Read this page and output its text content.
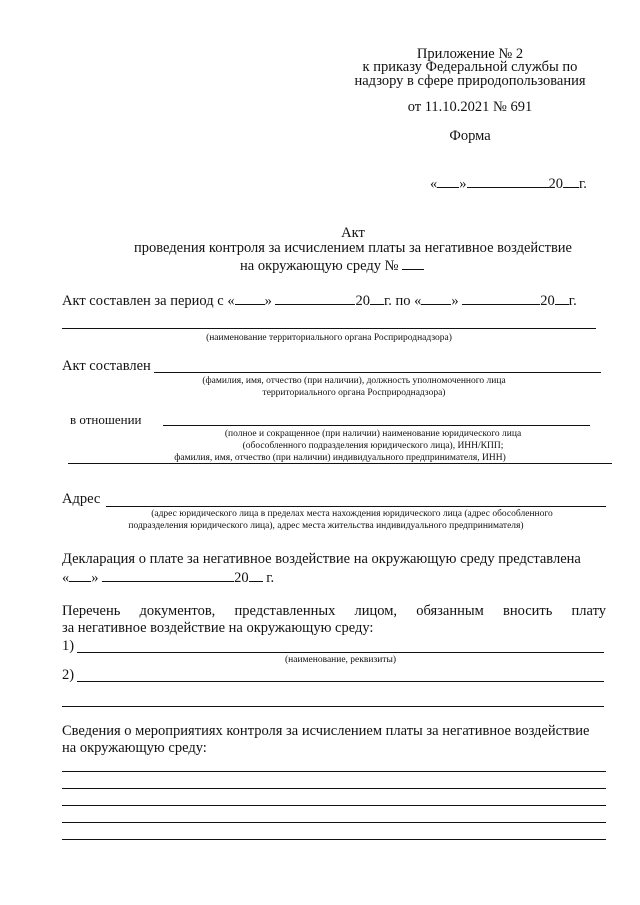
Приложение № 2
к приказу Федеральной службы по
надзору в сфере природопользования
от 11.10.2021 № 691
Форма
« »	20 г.
Акт
проведения контроля за исчислением платы за негативное воздействие
на окружающую среду №
Акт составлен за период с « »	20 г. по « »	20 г.
(наименование территориального органа Росприроднадзора)
Акт составлен
(фамилия, имя, отчество (при наличии), должность уполномоченного лица
территориального органа Росприроднадзора)
в отношении
(полное и сокращенное (при наличии) наименование юридического лица
(обособленного подразделения юридического лица), ИНН/КПП;
фамилия, имя, отчество (при наличии) индивидуального предпринимателя, ИНН)
Адрес
(адрес юридического лица в пределах места нахождения юридического лица (адрес обособленного
подразделения юридического лица), адрес места жительства индивидуального предпринимателя)
Декларация о плате за негативное воздействие на окружающую среду представлена
« »	20 г.
Перечень документов, представленных лицом, обязанным вносить плату
за негативное воздействие на окружающую среду:
1)
(наименование, реквизиты)
2)
Сведения о мероприятиях контроля за исчислением платы за негативное воздействие
на окружающую среду:
